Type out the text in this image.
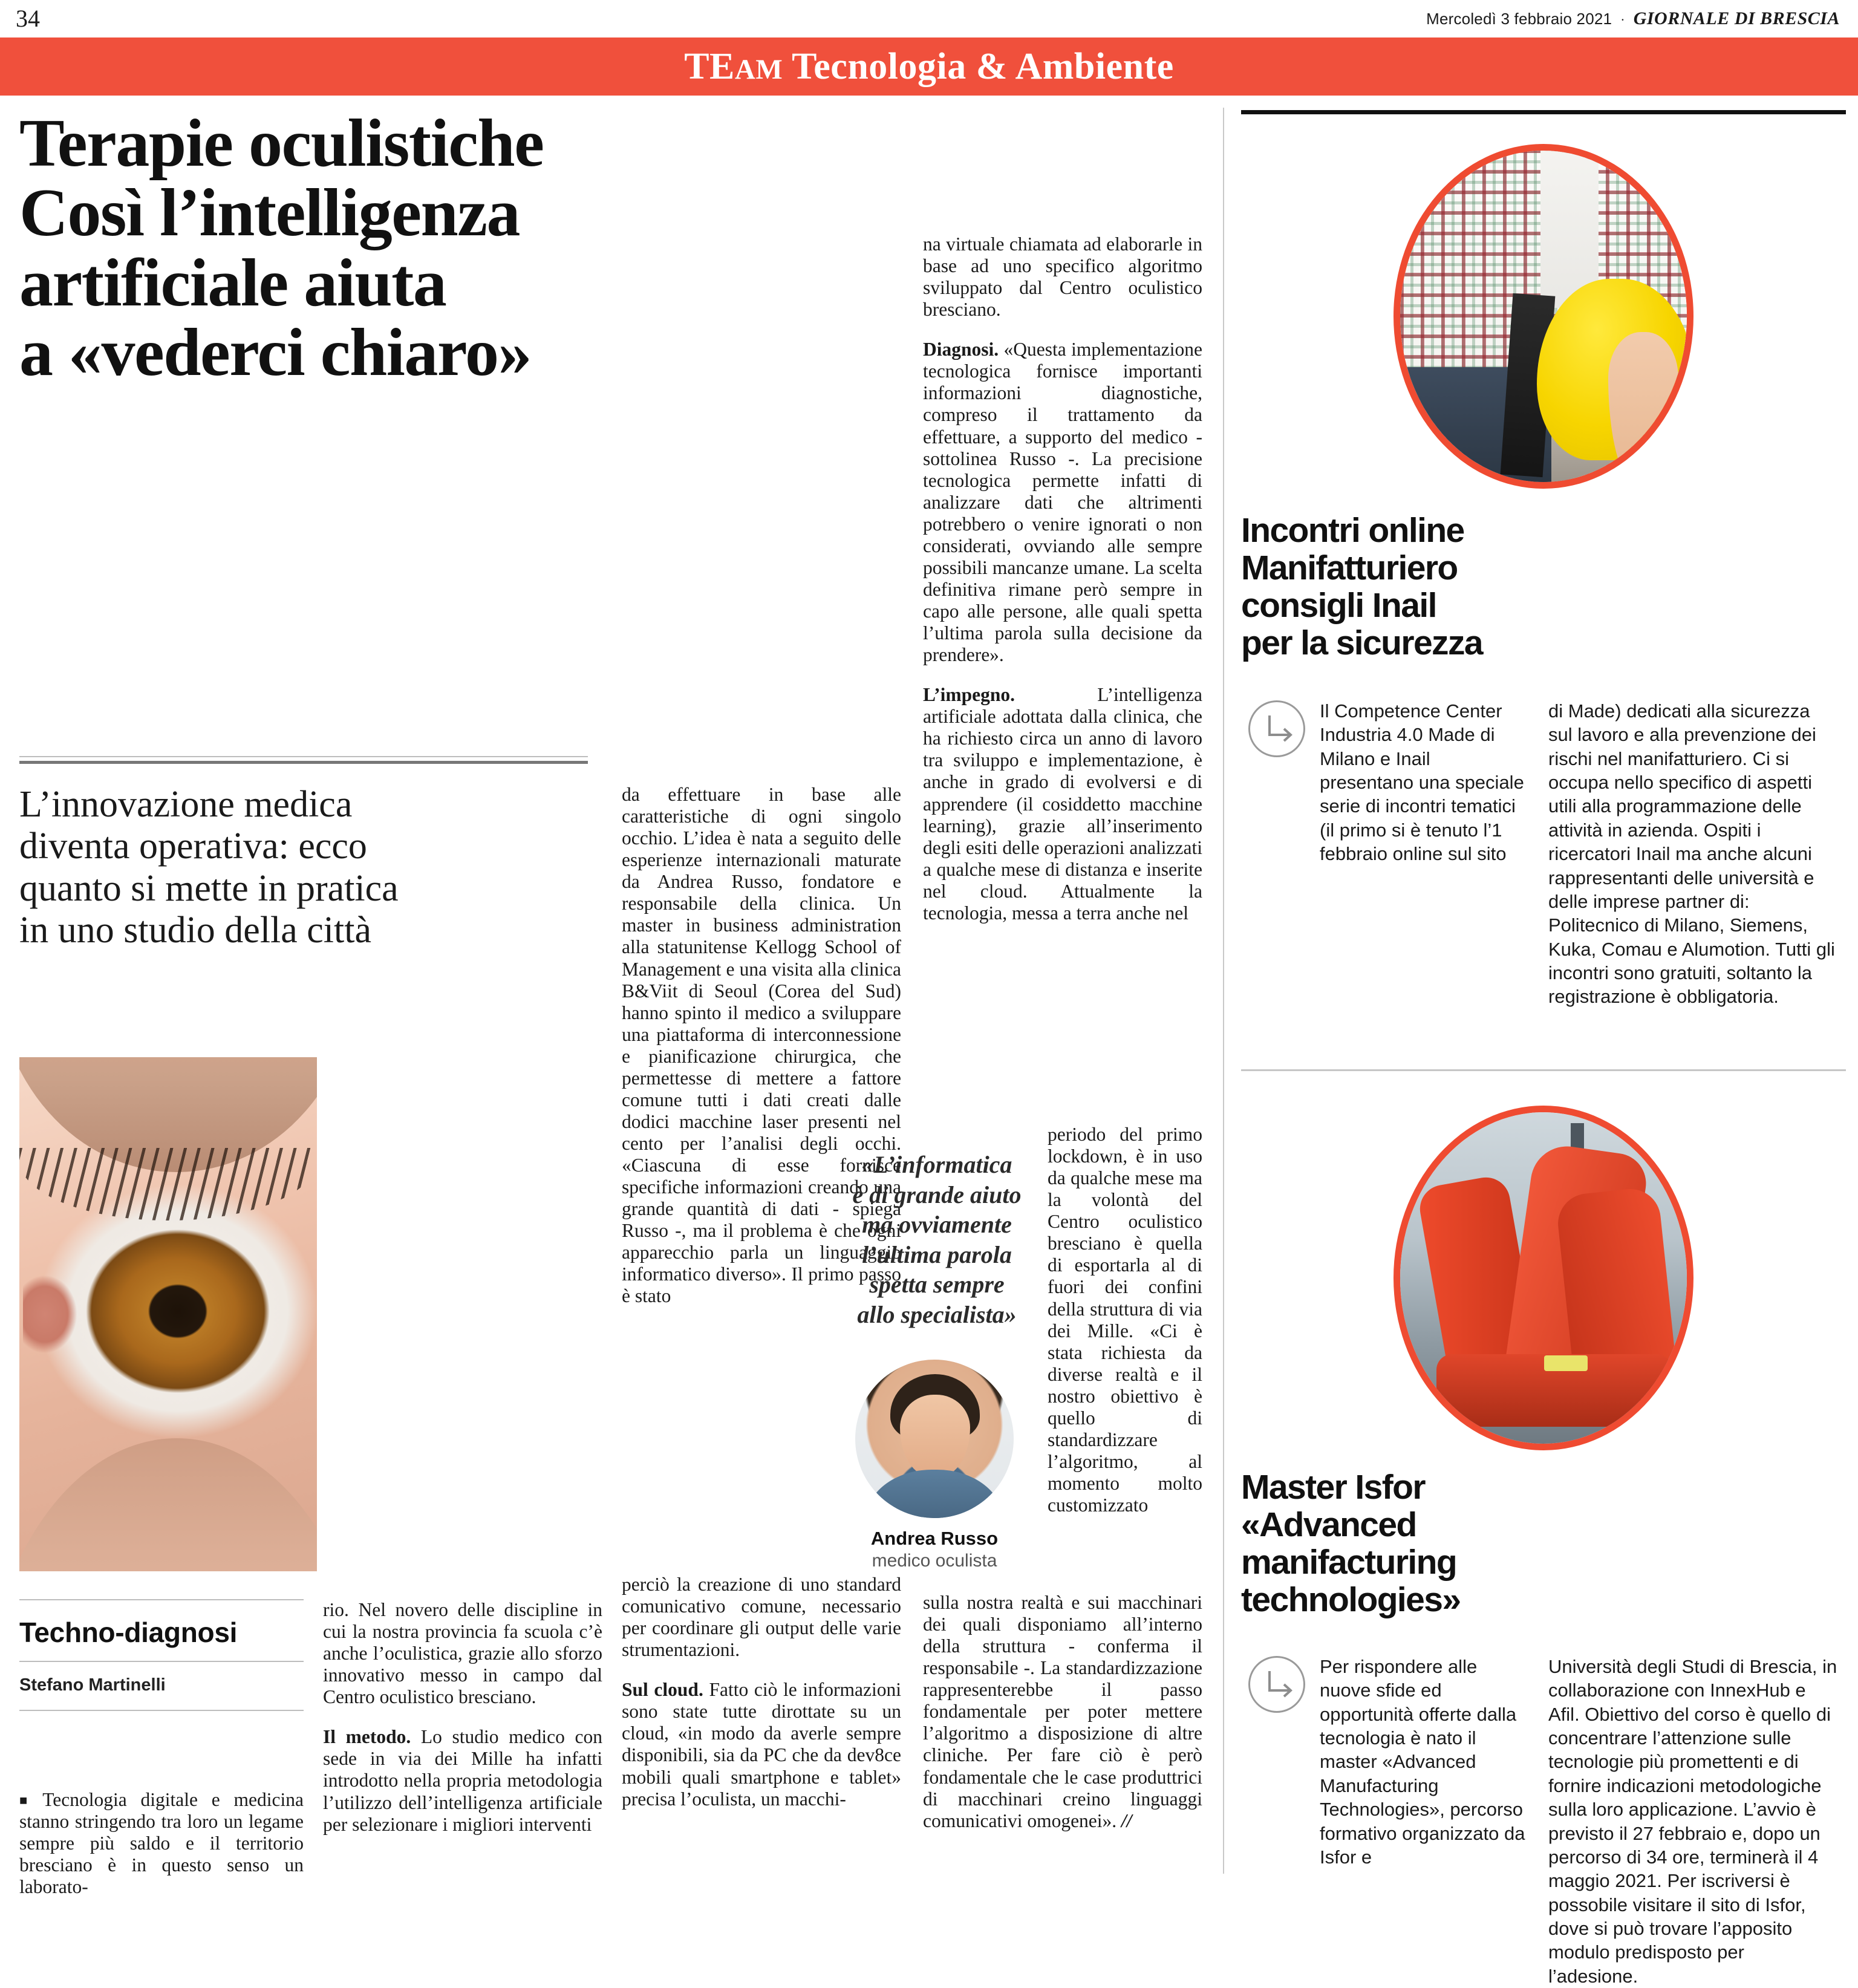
34	Mercoledì 3 febbraio 2021 · GIORNALE DI BRESCIA
TEAM Tecnologia & Ambiente
Terapie oculistiche
Così l’intelligenza
artificiale aiuta
a «vederci chiaro»
L’innovazione medica
diventa operativa: ecco
quanto si mette in pratica
in uno studio della città
Techno-diagnosi
Stefano Martinelli

■ Tecnologia digitale e medicina stanno stringendo tra loro un legame sempre più saldo e il territorio bresciano è in questo senso un laborato-

rio. Nel novero delle discipline in cui la nostra provincia fa scuola c’è anche l’oculistica, grazie allo sforzo innovativo messo in campo dal Centro oculistico bresciano.

Il metodo. Lo studio medico con sede in via dei Mille ha infatti introdotto nella propria metodologia l’utilizzo dell’intelligenza artificiale per selezionare i migliori interventi

da effettuare in base alle caratteristiche di ogni singolo occhio. L’idea è nata a seguito delle esperienze internazionali maturate da Andrea Russo, fondatore e responsabile della clinica. Un master in business administration alla statunitense Kellogg School of Management e una visita alla clinica B&Viit di Seoul (Corea del Sud) hanno spinto il medico a sviluppare una piattaforma di interconnessione e pianificazione chirurgica, che permettesse di mettere a fattore comune tutti i dati creati dalle dodici macchine laser presenti nel cento per l’analisi degli occhi. «Ciascuna di esse fornisce specifiche informazioni creando una grande quantità di dati - spiega Russo -, ma il problema è che ogni apparecchio parla un linguaggio informatico diverso». Il primo passo è stato

perciò la creazione di uno standard comunicativo comune, necessario per coordinare gli output delle varie strumentazioni.

Sul cloud. Fatto ciò le informazioni sono state tutte dirottate su un cloud, «in modo da averle sempre disponibili, sia da PC che da dev8ce mobili quali smartphone e tablet» precisa l’oculista, un macchi-

«L’informatica
è di grande aiuto
ma ovviamente
l’ultima parola
spetta sempre
allo specialista»
Andrea Russo
medico oculista

na virtuale chiamata ad elaborarle in base ad uno specifico algoritmo sviluppato dal Centro oculistico bresciano.

Diagnosi. «Questa implementazione tecnologica fornisce importanti informazioni diagnostiche, compreso il trattamento da effettuare, a supporto del medico - sottolinea Russo -. La precisione tecnologica permette infatti di analizzare dati che altrimenti potrebbero o venire ignorati o non considerati, ovviando alle sempre possibili mancanze umane. La scelta definitiva rimane però sempre in capo alle persone, alle quali spetta l’ultima parola sulla decisione da prendere».

L’impegno. L’intelligenza artificiale adottata dalla clinica, che ha richiesto circa un anno di lavoro tra sviluppo e implementazione, è anche in grado di evolversi e di apprendere (il cosiddetto macchine learning), grazie all’inserimento degli esiti delle operazioni analizzati a qualche mese di distanza e inserite nel cloud. Attualmente la tecnologia, messa a terra anche nel

periodo del primo lockdown, è in uso da qualche mese ma la volontà del Centro oculistico bresciano è quella di esportarla al di fuori dei confini della struttura di via dei Mille. «Ci è stata richiesta da diverse realtà e il nostro obiettivo è quello di standardizzare l’algoritmo, al momento molto customizzato

sulla nostra realtà e sui macchinari dei quali disponiamo all’interno della struttura - conferma il responsabile -. La standardizzazione rappresenterebbe il passo fondamentale per poter mettere l’algoritmo a disposizione di altre cliniche. Per fare ciò è però fondamentale che le case produttrici di macchinari creino linguaggi comunicativi omogenei». //

Incontri online
Manifatturiero
consigli Inail
per la sicurezza

Il Competence Center Industria 4.0 Made di Milano e Inail presentano una speciale serie di incontri tematici (il primo si è tenuto l’1 febbraio online sul sito

di Made) dedicati alla sicurezza sul lavoro e alla prevenzione dei rischi nel manifatturiero. Ci si occupa nello specifico di aspetti utili alla programmazione delle attività in azienda. Ospiti i ricercatori Inail ma anche alcuni rappresentanti delle università e delle imprese partner di: Politecnico di Milano, Siemens, Kuka, Comau e Alumotion. Tutti gli incontri sono gratuiti, soltanto la registrazione è obbligatoria.

Master Isfor
«Advanced
manifacturing
technologies»

Per rispondere alle nuove sfide ed opportunità offerte dalla tecnologia è nato il master «Advanced Manufacturing Technologies», percorso formativo organizzato da Isfor e

Università degli Studi di Brescia, in collaborazione con InnexHub e Afil. Obiettivo del corso è quello di concentrare l’attenzione sulle tecnologie più promettenti e di fornire indicazioni metodologiche sulla loro applicazione. L’avvio è previsto il 27 febbraio e, dopo un percorso di 34 ore, terminerà il 4 maggio 2021. Per iscriversi è possobile visitare il sito di Isfor, dove si può trovare l’apposito modulo predisposto per l’adesione.
